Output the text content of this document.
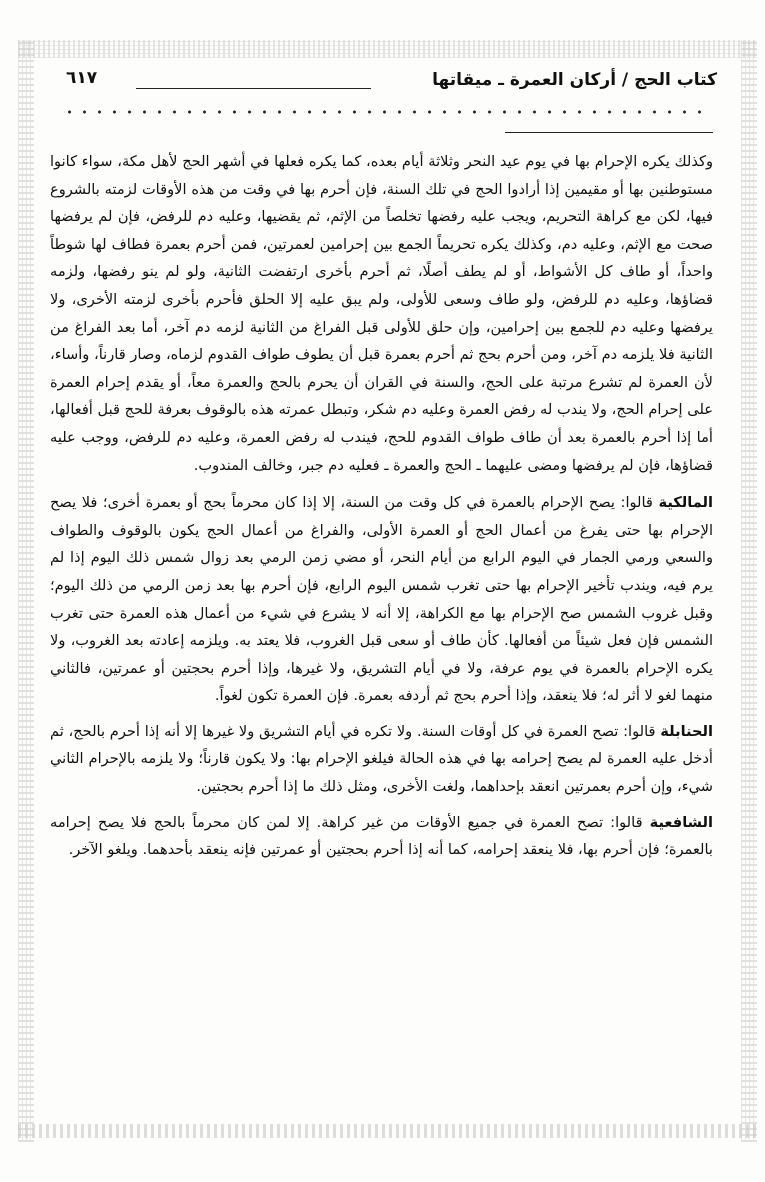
كتاب الحج / أركان العمرة ـ ميقاتها
٦١٧

وكذلك يكره الإحرام بها في يوم عيد النحر وثلاثة أيام بعده، كما يكره فعلها في أشهر الحج لأهل مكة، سواء كانوا مستوطنين بها أو مقيمين إذا أرادوا الحج في تلك السنة، فإن أحرم بها في وقت من هذه الأوقات لزمته بالشروع فيها، لكن مع كراهة التحريم، ويجب عليه رفضها تخلصاً من الإثم، ثم يقضيها، وعليه دم للرفض، فإن لم يرفضها صحت مع الإثم، وعليه دم، وكذلك يكره تحريماً الجمع بين إحرامين لعمرتين، فمن أحرم بعمرة فطاف لها شوطاً واحداً، أو طاف كل الأشواط، أو لم يطف أصلًا، ثم أحرم بأخرى ارتفضت الثانية، ولو لم ينو رفضها، ولزمه قضاؤها، وعليه دم للرفض، ولو طاف وسعى للأولى، ولم يبق عليه إلا الحلق فأحرم بأخرى لزمته الأخرى، ولا يرفضها وعليه دم للجمع بين إحرامين، وإن حلق للأولى قبل الفراغ من الثانية لزمه دم آخر، أما بعد الفراغ من الثانية فلا يلزمه دم آخر، ومن أحرم بحج ثم أحرم بعمرة قبل أن يطوف طواف القدوم لزماه، وصار قارناً، وأساء، لأن العمرة لم تشرع مرتبة على الحج، والسنة في القران أن يحرم بالحج والعمرة معاً، أو يقدم إحرام العمرة على إحرام الحج، ولا يندب له رفض العمرة وعليه دم شكر، وتبطل عمرته هذه بالوقوف بعرفة للحج قبل أفعالها، أما إذا أحرم بالعمرة بعد أن طاف طواف القدوم للحج، فيندب له رفض العمرة، وعليه دم للرفض، ووجب عليه قضاؤها، فإن لم يرفضها ومضى عليهما ـ الحج والعمرة ـ فعليه دم جبر، وخالف المندوب.

المالكية قالوا: يصح الإحرام بالعمرة في كل وقت من السنة، إلا إذا كان محرماً بحج أو بعمرة أخرى؛ فلا يصح الإحرام بها حتى يفرغ من أعمال الحج أو العمرة الأولى، والفراغ من أعمال الحج يكون بالوقوف والطواف والسعي ورمي الجمار في اليوم الرابع من أيام النحر، أو مضي زمن الرمي بعد زوال شمس ذلك اليوم إذا لم يرم فيه، ويندب تأخير الإحرام بها حتى تغرب شمس اليوم الرابع، فإن أحرم بها بعد زمن الرمي من ذلك اليوم؛ وقبل غروب الشمس صح الإحرام بها مع الكراهة، إلا أنه لا يشرع في شيء من أعمال هذه العمرة حتى تغرب الشمس فإن فعل شيئاً من أفعالها. كأن طاف أو سعى قبل الغروب، فلا يعتد به. ويلزمه إعادته بعد الغروب، ولا يكره الإحرام بالعمرة في يوم عرفة، ولا في أيام التشريق، ولا غيرها، وإذا أحرم بحجتين أو عمرتين، فالثاني منهما لغو لا أثر له؛ فلا ينعقد، وإذا أحرم بحج ثم أردفه بعمرة. فإن العمرة تكون لغواً.

الحنابلة قالوا: تصح العمرة في كل أوقات السنة. ولا تكره في أيام التشريق ولا غيرها إلا أنه إذا أحرم بالحج، ثم أدخل عليه العمرة لم يصح إحرامه بها في هذه الحالة فيلغو الإحرام بها: ولا يكون قارناً؛ ولا يلزمه بالإحرام الثاني شيء، وإن أحرم بعمرتين انعقد بإحداهما، ولغت الأخرى، ومثل ذلك ما إذا أحرم بحجتين.

الشافعية قالوا: تصح العمرة في جميع الأوقات من غير كراهة. إلا لمن كان محرماً بالحج فلا يصح إحرامه بالعمرة؛ فإن أحرم بها، فلا ينعقد إحرامه، كما أنه إذا أحرم بحجتين أو عمرتين فإنه ينعقد بأحدهما. ويلغو الآخر.
